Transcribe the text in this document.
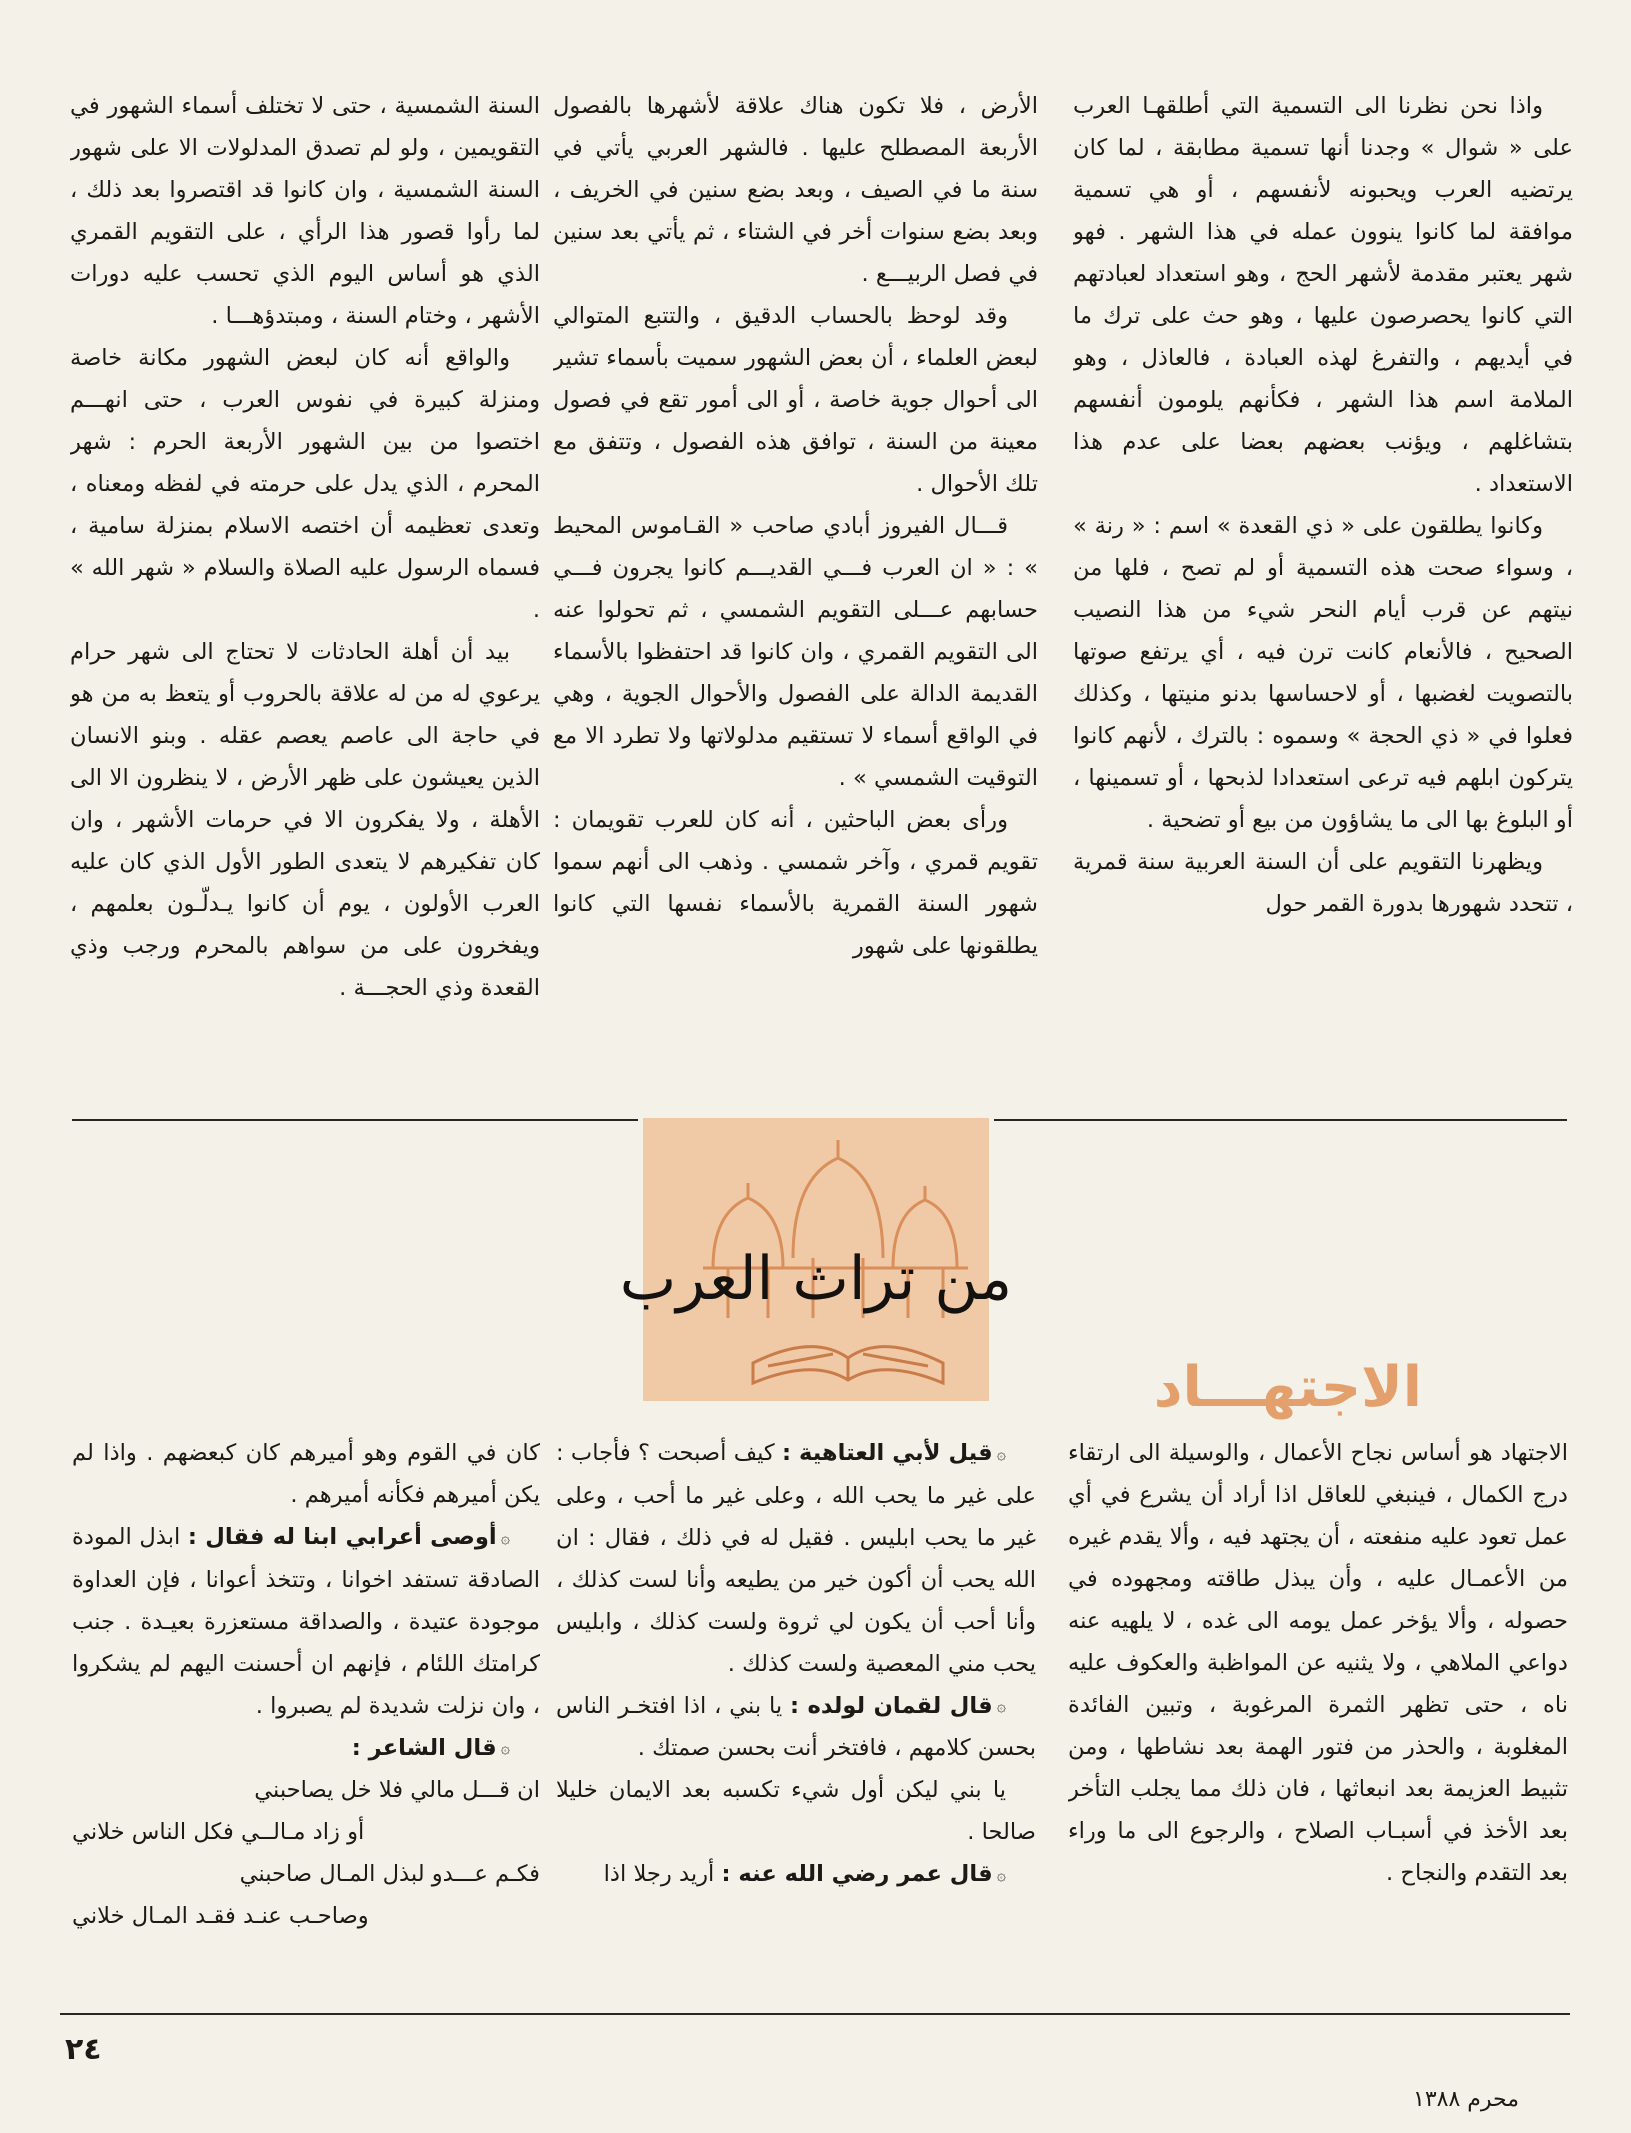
واذا نحن نظرنا الى التسمية التي أطلقهـا العرب على « شوال » وجدنا أنها تسمية مطابقة ، لما كان يرتضيه العرب ويحبونه لأنفسهم ، أو هي تسمية موافقة لما كانوا ينوون عمله في هذا الشهر . فهو شهر يعتبر مقدمة لأشهر الحج ، وهو استعداد لعبادتهم التي كانوا يحصرصون عليها ، وهو حث على ترك ما في أيديهم ، والتفرغ لهذه العبادة ، فالعاذل ، وهو الملامة اسم هذا الشهر ، فكأنهم يلومون أنفسهم بتشاغلهم ، ويؤنب بعضهم بعضا على عدم هذا الاستعداد .

وكانوا يطلقون على « ذي القعدة » اسم : « رنة » ، وسواء صحت هذه التسمية أو لم تصح ، فلها من نيتهم عن قرب أيام النحر شيء من هذا النصيب الصحيح ، فالأنعام كانت ترن فيه ، أي يرتفع صوتها بالتصويت لغضبها ، أو لاحساسها بدنو منيتها ، وكذلك فعلوا في « ذي الحجة » وسموه : بالترك ، لأنهم كانوا يتركون ابلهم فيه ترعى استعدادا لذبحها ، أو تسمينها ، أو البلوغ بها الى ما يشاؤون من بيع أو تضحية .

ويظهرنا التقويم على أن السنة العربية سنة قمرية ، تتحدد شهورها بدورة القمر حول

الأرض ، فلا تكون هناك علاقة لأشهرها بالفصول الأربعة المصطلح عليها . فالشهر العربي يأتي في سنة ما في الصيف ، وبعد بضع سنين في الخريف ، وبعد بضع سنوات أخر في الشتاء ، ثم يأتي بعد سنين في فصل الربيـــع .

وقد لوحظ بالحساب الدقيق ، والتتبع المتوالي لبعض العلماء ، أن بعض الشهور سميت بأسماء تشير الى أحوال جوية خاصة ، أو الى أمور تقع في فصول معينة من السنة ، توافق هذه الفصول ، وتتفق مع تلك الأحوال .

قـــال الفيروز أبادي صاحب « القـاموس المحيط » : « ان العرب فـــي القديـــم كانوا يجرون فـــي حسابهم عـــلى التقويم الشمسي ، ثم تحولوا عنه الى التقويم القمري ، وان كانوا قد احتفظوا بالأسماء القديمة الدالة على الفصول والأحوال الجوية ، وهي في الواقع أسماء لا تستقيم مدلولاتها ولا تطرد الا مع التوقيت الشمسي » .

ورأى بعض الباحثين ، أنه كان للعرب تقويمان : تقويم قمري ، وآخر شمسي . وذهب الى أنهم سموا شهور السنة القمرية بالأسماء نفسها التي كانوا يطلقونها على شهور

السنة الشمسية ، حتى لا تختلف أسماء الشهور في التقويمين ، ولو لم تصدق المدلولات الا على شهور السنة الشمسية ، وان كانوا قد اقتصروا بعد ذلك ، لما رأوا قصور هذا الرأي ، على التقويم القمري الذي هو أساس اليوم الذي تحسب عليه دورات الأشهر ، وختام السنة ، ومبتدؤهـــا .

والواقع أنه كان لبعض الشهور مكانة خاصة ومنزلة كبيرة في نفوس العرب ، حتى انهـــم اختصوا من بين الشهور الأربعة الحرم : شهر المحرم ، الذي يدل على حرمته في لفظه ومعناه ، وتعدى تعظيمه أن اختصه الاسلام بمنزلة سامية ، فسماه الرسول عليه الصلاة والسلام « شهر الله » .

بيد أن أهلة الحادثات لا تحتاج الى شهر حرام يرعوي له من له علاقة بالحروب أو يتعظ به من هو في حاجة الى عاصم يعصم عقله . وبنو الانسان الذين يعيشون على ظهر الأرض ، لا ينظرون الا الى الأهلة ، ولا يفكرون الا في حرمات الأشهر ، وان كان تفكيرهم لا يتعدى الطور الأول الذي كان عليه العرب الأولون ، يوم أن كانوا يـدلّـون بعلمهم ، ويفخرون على من سواهم بالمحرم ورجب وذي القعدة وذي الحجـــة .

من تراث العرب
الاجتهـــاد

الاجتهاد هو أساس نجاح الأعمال ، والوسيلة الى ارتقاء درج الكمال ، فينبغي للعاقل اذا أراد أن يشرع في أي عمل تعود عليه منفعته ، أن يجتهد فيه ، وألا يقدم غيره من الأعمـال عليه ، وأن يبذل طاقته ومجهوده في حصوله ، وألا يؤخر عمل يومه الى غده ، لا يلهيه عنه دواعي الملاهي ، ولا يثنيه عن المواظبة والعكوف عليه ناه ، حتى تظهر الثمرة المرغوبة ، وتبين الفائدة المغلوبة ، والحذر من فتور الهمة بعد نشاطها ، ومن تثبيط العزيمة بعد انبعاثها ، فان ذلك مما يجلب التأخر بعد الأخذ في أسبـاب الصلاح ، والرجوع الى ما وراء بعد التقدم والنجاح .

۞قيل لأبي العتاهية : كيف أصبحت ؟ فأجاب : على غير ما يحب الله ، وعلى غير ما أحب ، وعلى غير ما يحب ابليس . فقيل له في ذلك ، فقال : ان الله يحب أن أكون خير من يطيعه وأنا لست كذلك ، وأنا أحب أن يكون لي ثروة ولست كذلك ، وابليس يحب مني المعصية ولست كذلك .

۞قال لقمان لولده : يا بني ، اذا افتخـر الناس بحسن كلامهم ، فافتخر أنت بحسن صمتك .

يا بني ليكن أول شيء تكسبه بعد الايمان خليلا صالحا .

۞قال عمر رضي الله عنه : أريد رجلا اذا

كان في القوم وهو أميرهم كان كبعضهم . واذا لم يكن أميرهم فكأنه أميرهم .

۞أوصى أعرابي ابنا له فقال : ابذل المودة الصادقة تستفد اخوانا ، وتتخذ أعوانا ، فإن العداوة موجودة عتيدة ، والصداقة مستعزرة بعيـدة . جنب كرامتك اللئام ، فإنهم ان أحسنت اليهم لم يشكروا ، وان نزلت شديدة لم يصبروا .

۞قال الشاعر :

ان قـــل مالي فلا خل يصاحبني

أو زاد مـالــي فكل الناس خلاني

فكـم عـــدو لبذل المـال صاحبني

وصاحـب عنـد فقـد المـال خلاني

٢٤
محرم ١٣٨٨
